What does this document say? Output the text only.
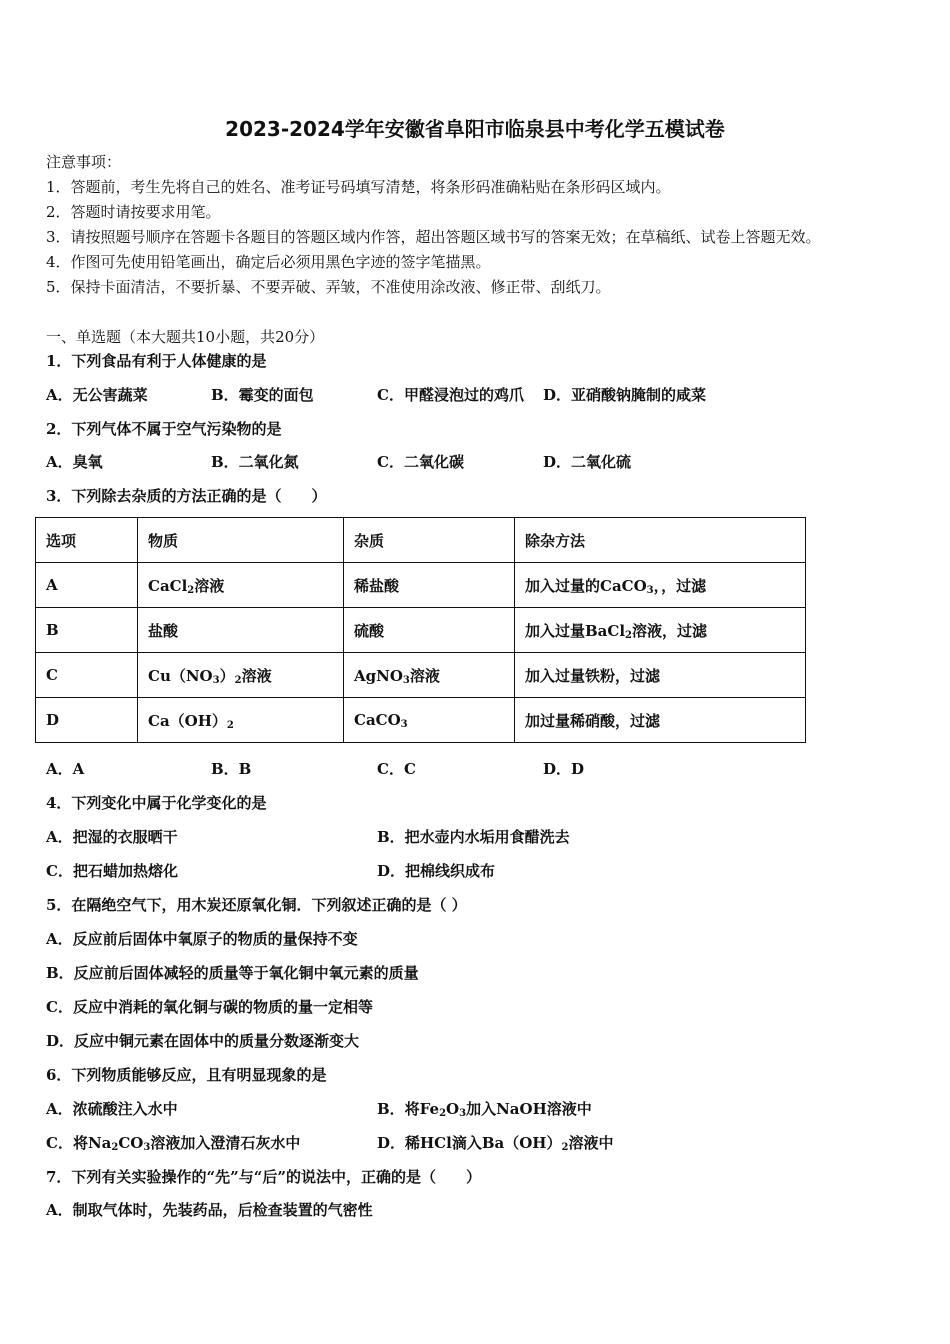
2023-2024学年安徽省阜阳市临泉县中考化学五模试卷
注意事项：
1．答题前，考生先将自己的姓名、准考证号码填写清楚，将条形码准确粘贴在条形码区域内。
2．答题时请按要求用笔。
3．请按照题号顺序在答题卡各题目的答题区域内作答，超出答题区域书写的答案无效；在草稿纸、试卷上答题无效。
4．作图可先使用铅笔画出，确定后必须用黑色字迹的签字笔描黑。
5．保持卡面清洁，不要折暴、不要弄破、弄皱，不准使用涂改液、修正带、刮纸刀。
一、单选题（本大题共10小题，共20分）
1．下列食品有利于人体健康的是
A．无公害蔬菜	B．霉变的面包	C．甲醛浸泡过的鸡爪 D．亚硝酸钠腌制的咸菜
2．下列气体不属于空气污染物的是
A．臭氧	B．二氧化氮	C．二氧化碳	D．二氧化硫
3．下列除去杂质的方法正确的是（　　）
选项	物质	杂质	除杂方法
A	CaCl$_2$溶液	稀盐酸	加入过量的CaCO$_3$，，过滤
B	盐酸	硫酸	加入过量BaCl$_2$溶液，过滤
C	$Cu(NO_3)_2$溶液	AgNO$_3$溶液	加入过量铁粉，过滤
D	$Ca(OH)_2$	CaCO$_3$	加过量稀硝酸，过滤
A．A	B．B	C．C	D．D
4．下列变化中属于化学变化的是
A．把湿的衣服晒干	B．把水壶内水垢用食醋洗去
C．把石蜡加热熔化	D．把棉线织成布
5．在隔绝空气下，用木炭还原氧化铜．下列叙述正确的是（ ）
A．反应前后固体中氧原子的物质的量保持不变
B．反应前后固体减轻的质量等于氧化铜中氧元素的质量
C．反应中消耗的氧化铜与碳的物质的量一定相等
D．反应中铜元素在固体中的质量分数逐渐变大
6．下列物质能够反应，且有明显现象的是
A．浓硫酸注入水中	B．将$Fe_2O_3$加入NaOH溶液中
C．将$Na_2CO_3$溶液加入澄清石灰水中	D．稀HCl滴入$Ba(OH)_2$溶液中
7．下列有关实验操作的“先”与“后”的说法中，正确的是（　　）
A．制取气体时，先装药品，后检查装置的气密性
